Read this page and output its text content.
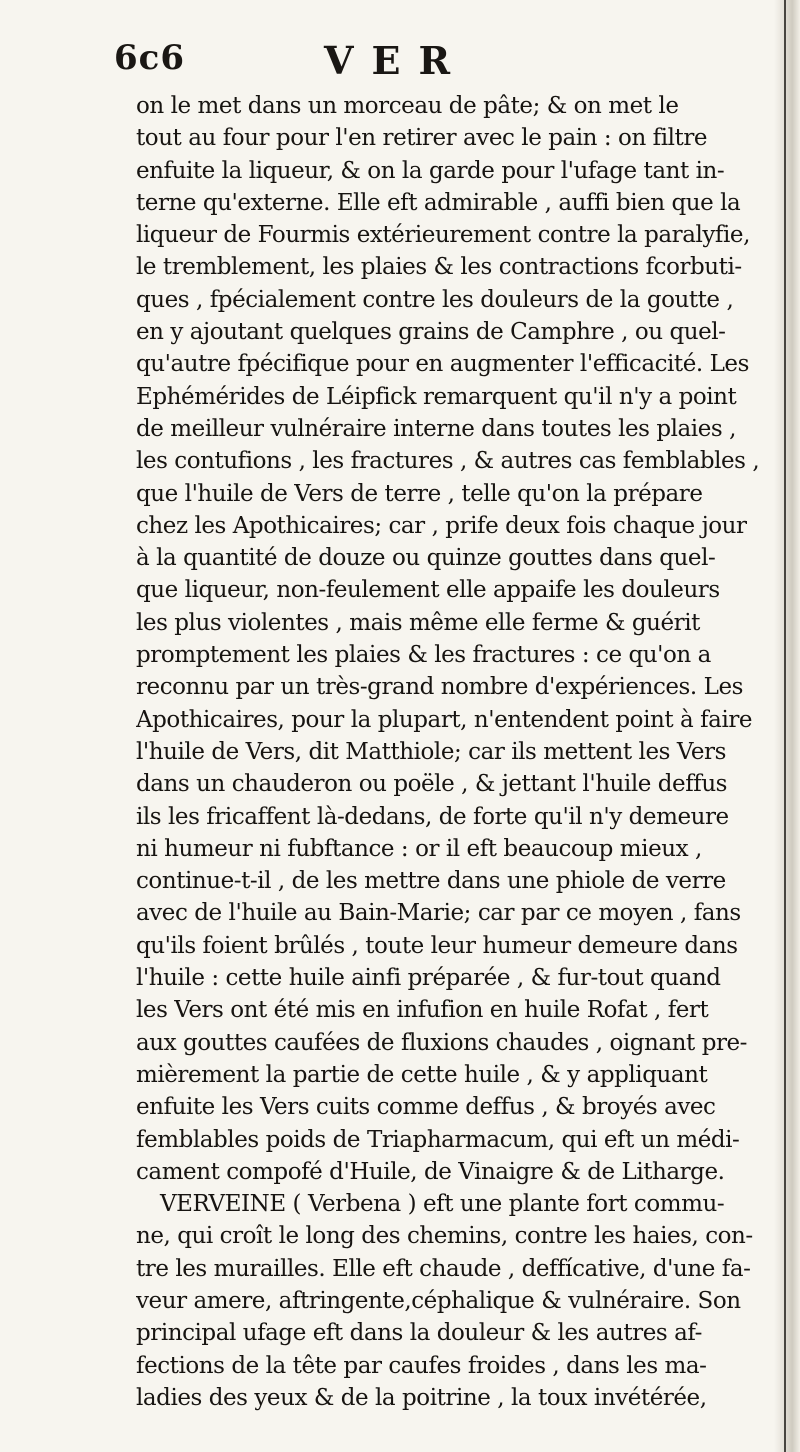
6c6	VER
on le met dans un morceau de pâte; & on met le
tout au four pour l'en retirer avec le pain : on filtre
enfuite la liqueur, & on la garde pour l'ufage tant in-
terne qu'externe. Elle eft admirable , auffi bien que la
liqueur de Fourmis extérieurement contre la paralyfie,
le tremblement, les plaies & les contractions fcorbuti-
ques , fpécialement contre les douleurs de la goutte ,
en y ajoutant quelques grains de Camphre , ou quel-
qu'autre fpécifique pour en augmenter l'efficacité. Les
Ephémérides de Léipfick remarquent qu'il n'y a point
de meilleur vulnéraire interne dans toutes les plaies ,
les contufions , les fractures , & autres cas femblables ,
que l'huile de Vers de terre , telle qu'on la prépare
chez les Apothicaires; car , prife deux fois chaque jour
à la quantité de douze ou quinze gouttes dans quel-
que liqueur, non-feulement elle appaife les douleurs
les plus violentes , mais même elle ferme & guérit
promptement les plaies & les fractures : ce qu'on a
reconnu par un très-grand nombre d'expériences. Les
Apothicaires, pour la plupart, n'entendent point à faire
l'huile de Vers, dit Matthiole; car ils mettent les Vers
dans un chauderon ou poële , & jettant l'huile deffus
ils les fricaffent là-dedans, de forte qu'il n'y demeure
ni humeur ni fubftance : or il eft beaucoup mieux ,
continue-t-il , de les mettre dans une phiole de verre
avec de l'huile au Bain-Marie; car par ce moyen , fans
qu'ils foient brûlés , toute leur humeur demeure dans
l'huile : cette huile ainfi préparée , & fur-tout quand
les Vers ont été mis en infufion en huile Rofat , fert
aux gouttes caufées de fluxions chaudes , oignant pre-
mièrement la partie de cette huile , & y appliquant
enfuite les Vers cuits comme deffus , & broyés avec
femblables poids de Triapharmacum, qui eft un médi-
cament compofé d'Huile, de Vinaigre & de Litharge.
VERVEINE ( Verbena ) eft une plante fort commu-
ne, qui croît le long des chemins, contre les haies, con-
tre les murailles. Elle eft chaude , deffícative, d'une fa-
veur amere, aftringente,céphalique & vulnéraire. Son
principal ufage eft dans la douleur & les autres af-
fections de la tête par caufes froides , dans les ma-
ladies des yeux & de la poitrine , la toux invétérée,
